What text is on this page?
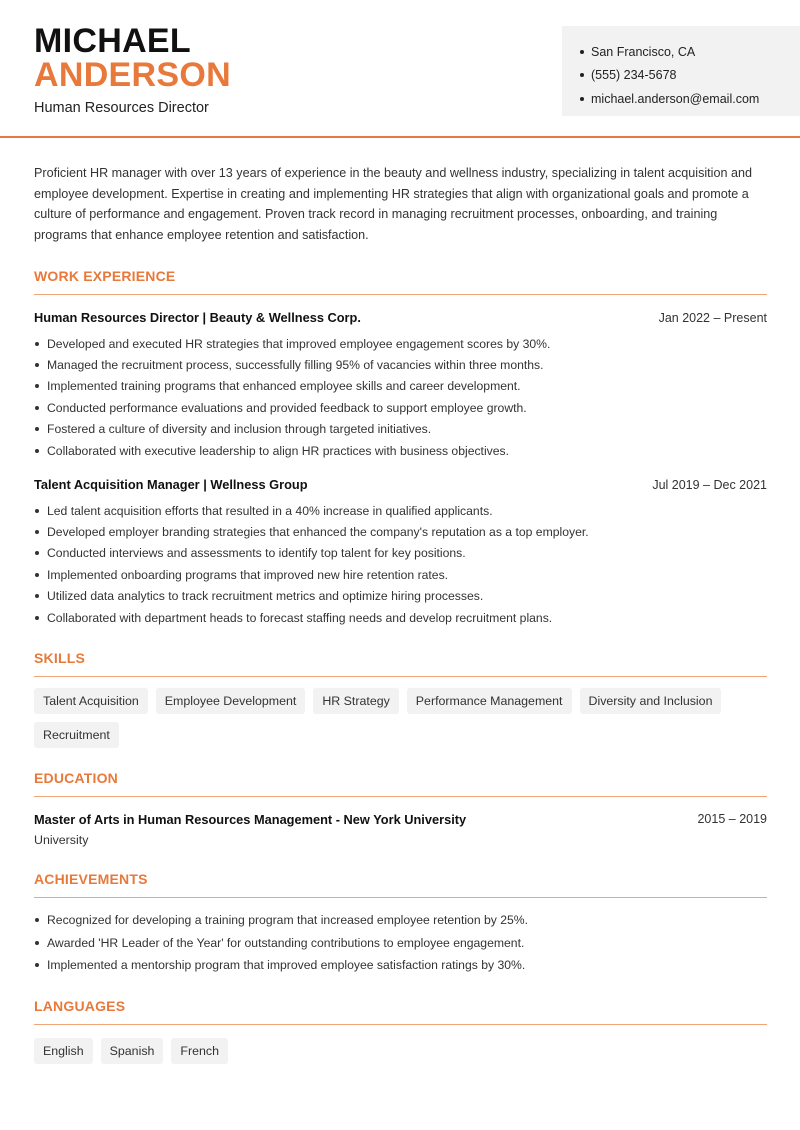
MICHAEL
ANDERSON
Human Resources Director
San Francisco, CA
(555) 234-5678
michael.anderson@email.com

Proficient HR manager with over 13 years of experience in the beauty and wellness industry, specializing in talent acquisition and employee development. Expertise in creating and implementing HR strategies that align with organizational goals and promote a culture of performance and engagement. Proven track record in managing recruitment processes, onboarding, and training programs that enhance employee retention and satisfaction.

WORK EXPERIENCE
Human Resources Director | Beauty & Wellness Corp.	Jan 2022 – Present
Developed and executed HR strategies that improved employee engagement scores by 30%.
Managed the recruitment process, successfully filling 95% of vacancies within three months.
Implemented training programs that enhanced employee skills and career development.
Conducted performance evaluations and provided feedback to support employee growth.
Fostered a culture of diversity and inclusion through targeted initiatives.
Collaborated with executive leadership to align HR practices with business objectives.
Talent Acquisition Manager | Wellness Group	Jul 2019 – Dec 2021
Led talent acquisition efforts that resulted in a 40% increase in qualified applicants.
Developed employer branding strategies that enhanced the company's reputation as a top employer.
Conducted interviews and assessments to identify top talent for key positions.
Implemented onboarding programs that improved new hire retention rates.
Utilized data analytics to track recruitment metrics and optimize hiring processes.
Collaborated with department heads to forecast staffing needs and develop recruitment plans.
SKILLS
Talent Acquisition	Employee Development	HR Strategy	Performance Management	Diversity and Inclusion
Recruitment
EDUCATION
Master of Arts in Human Resources Management - New York University	2015 – 2019
University
ACHIEVEMENTS
Recognized for developing a training program that increased employee retention by 25%.
Awarded 'HR Leader of the Year' for outstanding contributions to employee engagement.
Implemented a mentorship program that improved employee satisfaction ratings by 30%.
LANGUAGES
English	Spanish	French
